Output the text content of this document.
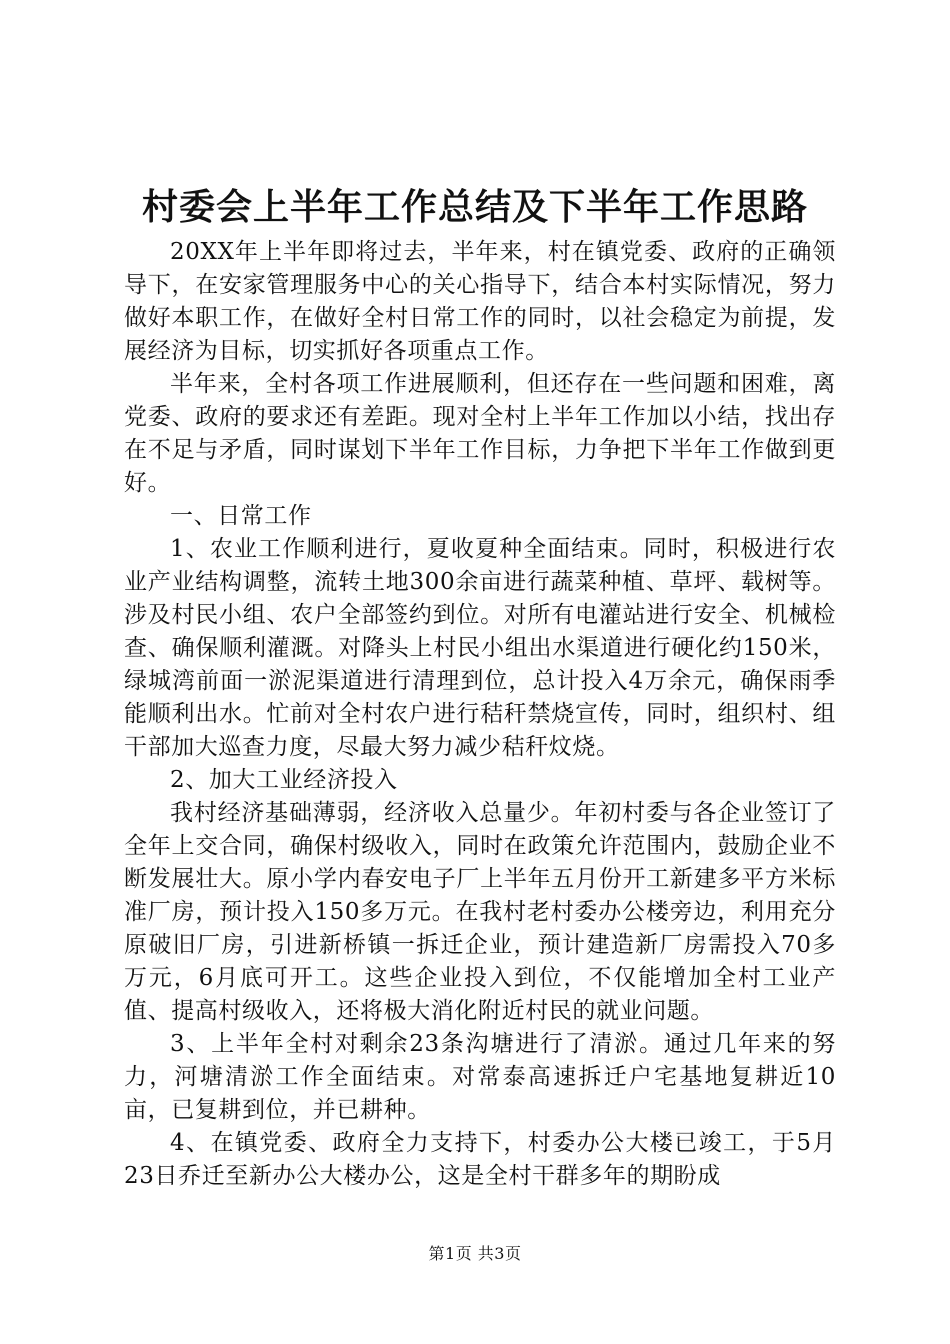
村委会上半年工作总结及下半年工作思路

20XX年上半年即将过去，半年来，村在镇党委、政府的正确领导下，在安家管理服务中心的关心指导下，结合本村实际情况，努力做好本职工作，在做好全村日常工作的同时，以社会稳定为前提，发展经济为目标，切实抓好各项重点工作。

半年来，全村各项工作进展顺利，但还存在一些问题和困难，离党委、政府的要求还有差距。现对全村上半年工作加以小结，找出存在不足与矛盾，同时谋划下半年工作目标，力争把下半年工作做到更好。

一、日常工作

1、农业工作顺利进行，夏收夏种全面结束。同时，积极进行农业产业结构调整，流转土地300余亩进行蔬菜种植、草坪、载树等。涉及村民小组、农户全部签约到位。对所有电灌站进行安全、机械检查、确保顺利灌溉。对降头上村民小组出水渠道进行硬化约150米，绿城湾前面一淤泥渠道进行清理到位，总计投入4万余元，确保雨季能顺利出水。忙前对全村农户进行秸秆禁烧宣传，同时，组织村、组干部加大巡查力度，尽最大努力减少秸秆炆烧。

2、加大工业经济投入

我村经济基础薄弱，经济收入总量少。年初村委与各企业签订了全年上交合同，确保村级收入，同时在政策允许范围内，鼓励企业不断发展壮大。原小学内春安电子厂上半年五月份开工新建多平方米标准厂房，预计投入150多万元。在我村老村委办公楼旁边，利用充分原破旧厂房，引进新桥镇一拆迁企业，预计建造新厂房需投入70多万元，6月底可开工。这些企业投入到位，不仅能增加全村工业产值、提高村级收入，还将极大消化附近村民的就业问题。

3、上半年全村对剩余23条沟塘进行了清淤。通过几年来的努力，河塘清淤工作全面结束。对常泰高速拆迁户宅基地复耕近10亩，已复耕到位，并已耕种。

4、在镇党委、政府全力支持下，村委办公大楼已竣工，于5月23日乔迁至新办公大楼办公，这是全村干群多年的期盼成

第1页 共3页
